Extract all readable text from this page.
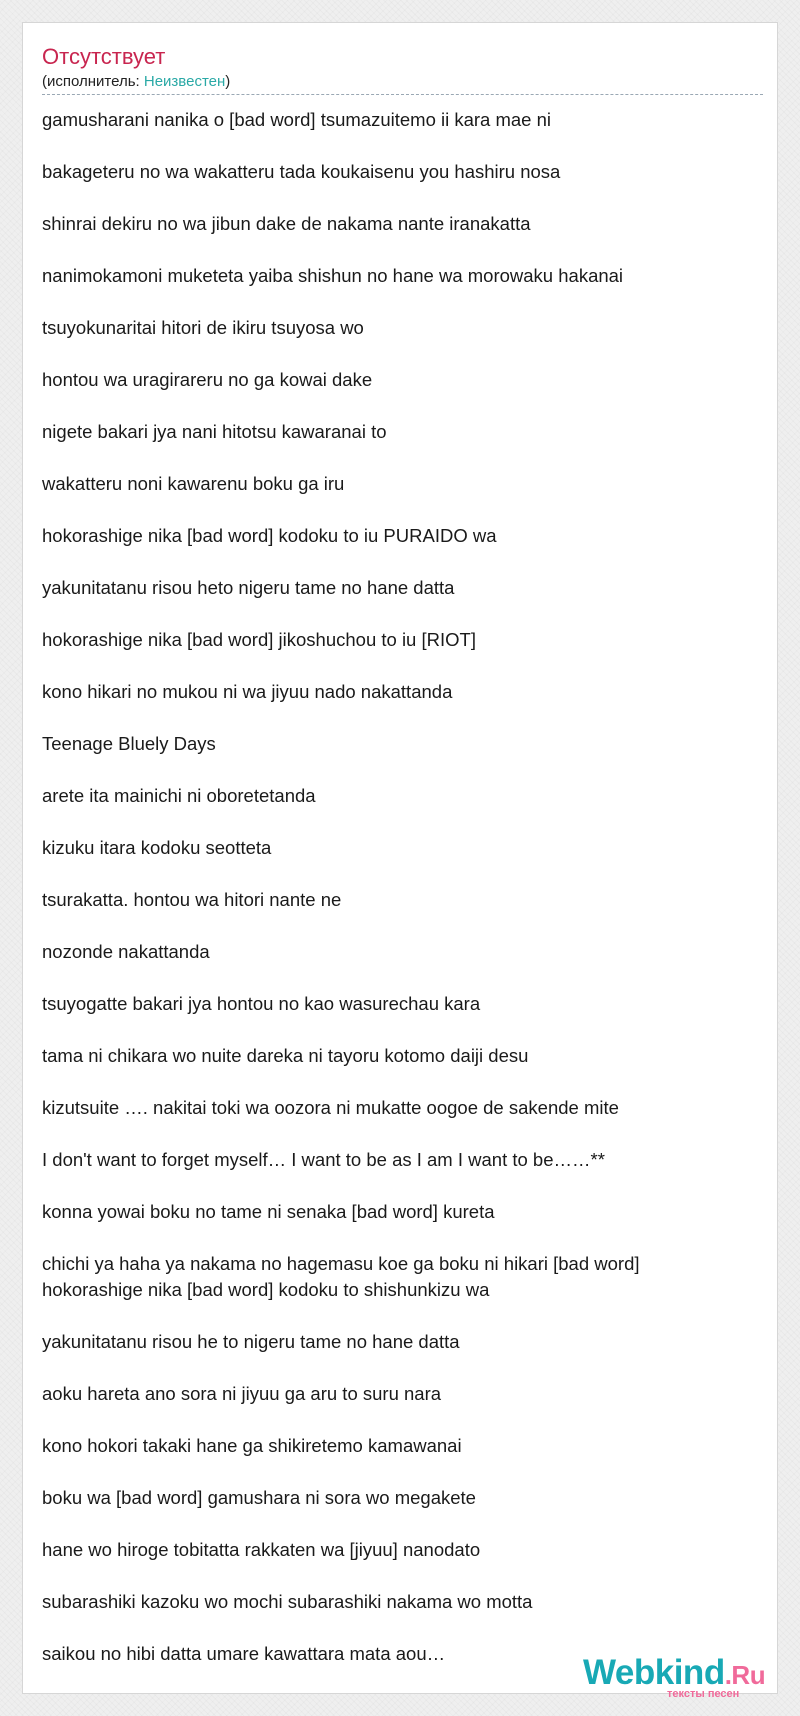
Отсутствует
(исполнитель: Неизвестен)
gamusharani nanika o [bad word] tsumazuitemo ii kara mae ni
bakageteru no wa wakatteru tada koukaisenu you hashiru nosa
shinrai dekiru no wa jibun dake de nakama nante iranakatta
nanimokamoni muketeta yaiba shishun no hane wa morowaku hakanai
tsuyokunaritai hitori de ikiru tsuyosa wo
hontou wa uragirareru no ga kowai dake
nigete bakari jya nani hitotsu kawaranai to
wakatteru noni kawarenu boku ga iru
hokorashige nika [bad word] kodoku to iu PURAIDO wa
yakunitatanu risou heto nigeru tame no hane datta
hokorashige nika [bad word] jikoshuchou to iu [RIOT]
kono hikari no mukou ni wa jiyuu nado nakattanda
Teenage Bluely Days
arete ita mainichi ni oboretetanda
kizuku itara kodoku seotteta
tsurakatta. hontou wa hitori nante ne
nozonde nakattanda
tsuyogatte bakari jya hontou no kao wasurechau kara
tama ni chikara wo nuite dareka ni tayoru kotomo daiji desu
kizutsuite …. nakitai toki wa oozora ni mukatte oogoe de sakende mite
I don't want to forget myself… I want to be as I am I want to be……**
konna yowai boku no tame ni senaka [bad word] kureta
chichi ya haha ya nakama no hagemasu koe ga boku ni hikari [bad word]
hokorashige nika [bad word] kodoku to shishunkizu wa
yakunitatanu risou he to nigeru tame no hane datta
aoku hareta ano sora ni jiyuu ga aru to suru nara
kono hokori takaki hane ga shikiretemo kamawanai
boku wa [bad word] gamushara ni sora wo megakete
hane wo hiroge tobitatta rakkaten wa [jiyuu] nanodato
subarashiki kazoku wo mochi subarashiki nakama wo motta
saikou no hibi datta umare kawattara mata aou…	Webkind.Ru
тексты песен
